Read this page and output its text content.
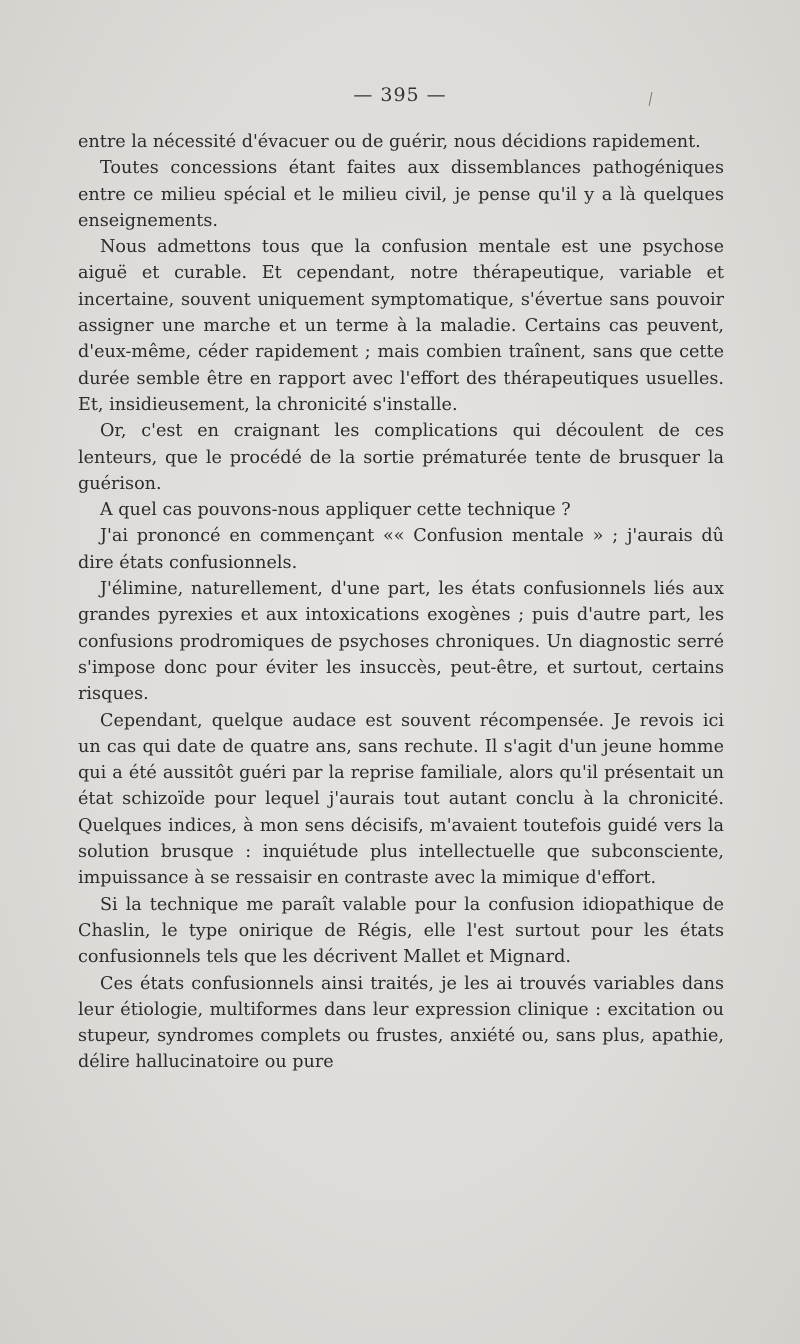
— 395 —

entre la nécessité d'évacuer ou de guérir, nous décidions rapidement.

Toutes concessions étant faites aux dissemblances pathogéniques entre ce milieu spécial et le milieu civil, je pense qu'il y a là quelques enseignements.

Nous admettons tous que la confusion mentale est une psychose aiguë et curable. Et cependant, notre thérapeutique, variable et incertaine, souvent uniquement symptomatique, s'évertue sans pouvoir assigner une marche et un terme à la maladie. Certains cas peuvent, d'eux-même, céder rapidement ; mais combien traînent, sans que cette durée semble être en rapport avec l'effort des thérapeutiques usuelles. Et, insidieusement, la chronicité s'installe.

Or, c'est en craignant les complications qui découlent de ces lenteurs, que le procédé de la sortie prématurée tente de brusquer la guérison.

A quel cas pouvons-nous appliquer cette technique ?

J'ai prononcé en commençant «« Confusion mentale » ; j'aurais dû dire états confusionnels.

J'élimine, naturellement, d'une part, les états confusionnels liés aux grandes pyrexies et aux intoxications exogènes ; puis d'autre part, les confusions prodromiques de psychoses chroniques. Un diagnostic serré s'impose donc pour éviter les insuccès, peut-être, et surtout, certains risques.

Cependant, quelque audace est souvent récompensée. Je revois ici un cas qui date de quatre ans, sans rechute. Il s'agit d'un jeune homme qui a été aussitôt guéri par la reprise familiale, alors qu'il présentait un état schizoïde pour lequel j'aurais tout autant conclu à la chronicité. Quelques indices, à mon sens décisifs, m'avaient toutefois guidé vers la solution brusque : inquiétude plus intellectuelle que subconsciente, impuissance à se ressaisir en contraste avec la mimique d'effort.

Si la technique me paraît valable pour la confusion idiopathique de Chaslin, le type onirique de Régis, elle l'est surtout pour les états confusionnels tels que les décrivent Mallet et Mignard.

Ces états confusionnels ainsi traités, je les ai trouvés variables dans leur étiologie, multiformes dans leur expression clinique : excitation ou stupeur, syndromes complets ou frustes, anxiété ou, sans plus, apathie, délire hallucinatoire ou pure
